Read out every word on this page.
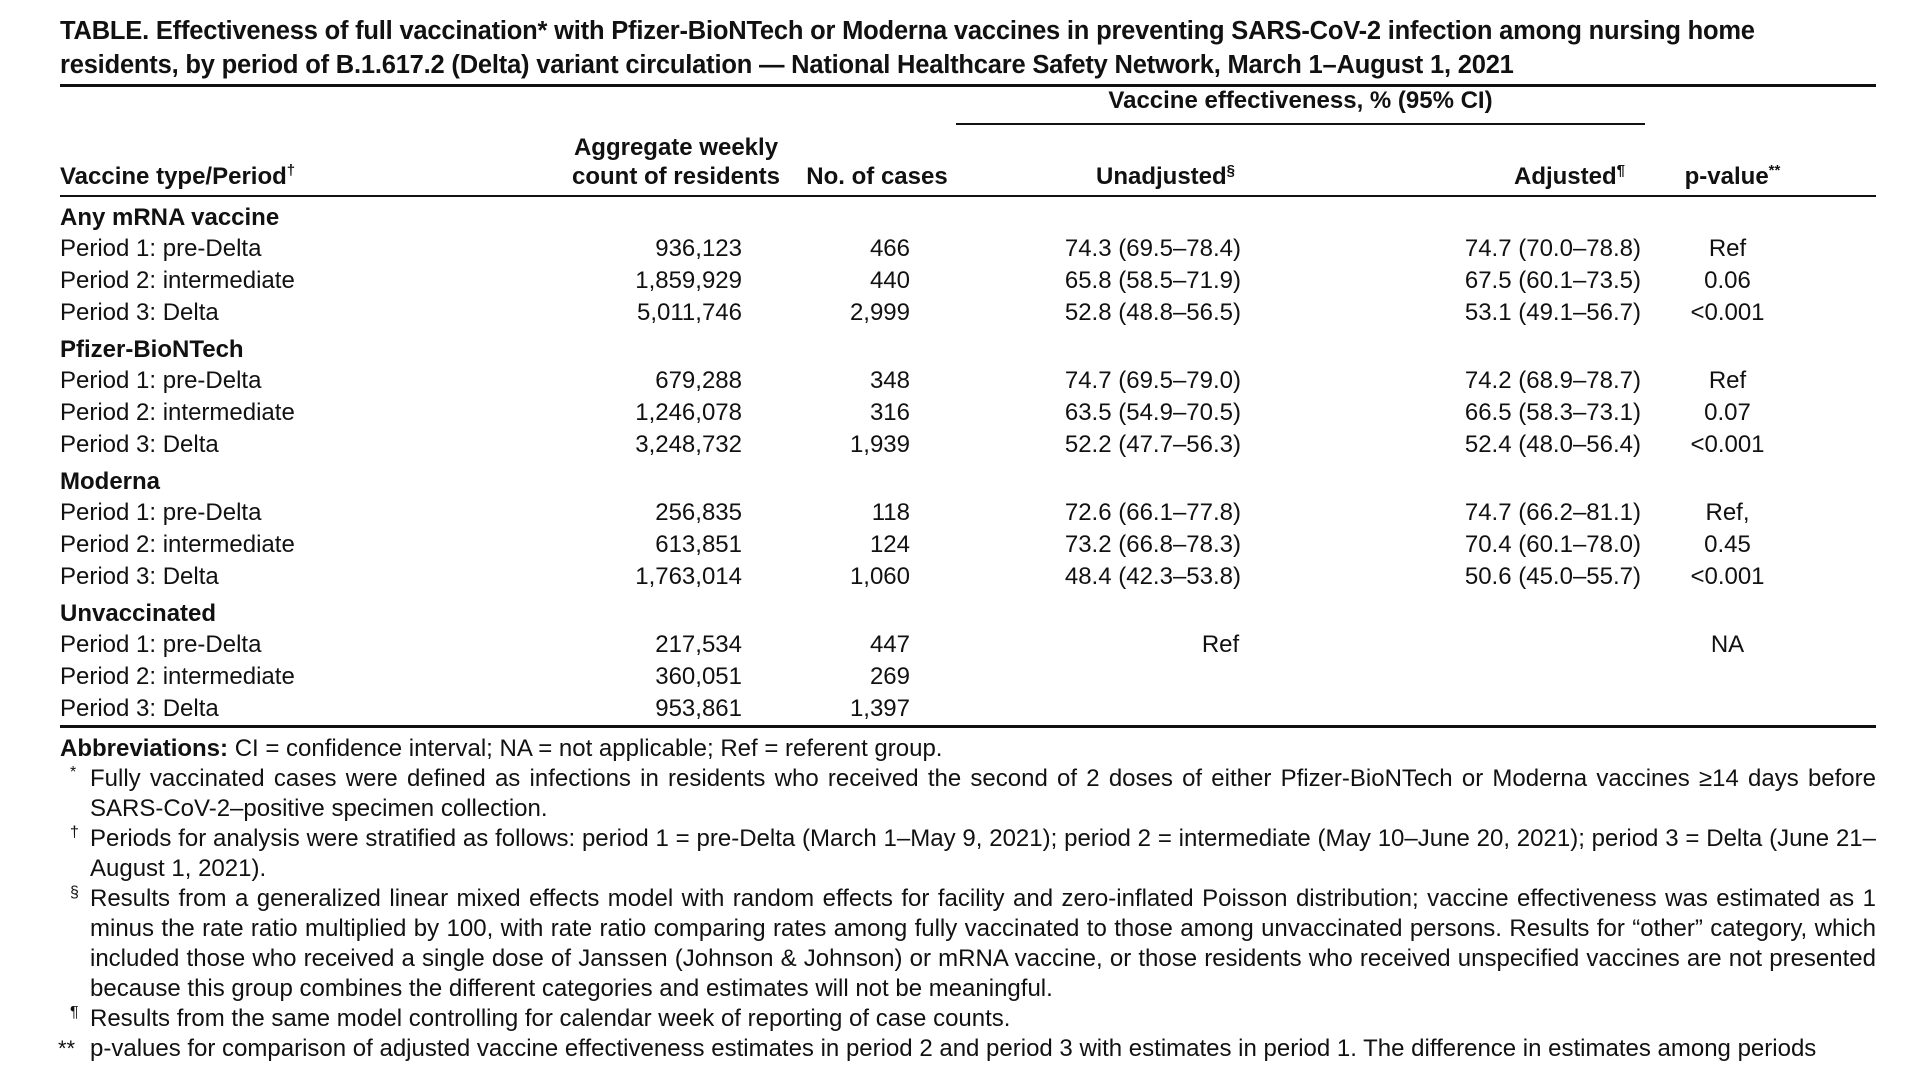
TABLE. Effectiveness of full vaccination* with Pfizer-BioNTech or Moderna vaccines in preventing SARS-CoV-2 infection among nursing home residents, by period of B.1.617.2 (Delta) variant circulation — National Healthcare Safety Network, March 1–August 1, 2021

			Vaccine effectiveness, % (95% CI)		

Vaccine type/Period†	Aggregate weekly
count of residents	No. of cases	Unadjusted§	Adjusted¶	p-value**
Any mRNA vaccine					
Period 1: pre-Delta	936,123	466	74.3 (69.5–78.4)	74.7 (70.0–78.8)	Ref
Period 2: intermediate	1,859,929	440	65.8 (58.5–71.9)	67.5 (60.1–73.5)	0.06
Period 3: Delta	5,011,746	2,999	52.8 (48.8–56.5)	53.1 (49.1–56.7)	<0.001
Pfizer-BioNTech					
Period 1: pre-Delta	679,288	348	74.7 (69.5–79.0)	74.2 (68.9–78.7)	Ref
Period 2: intermediate	1,246,078	316	63.5 (54.9–70.5)	66.5 (58.3–73.1)	0.07
Period 3: Delta	3,248,732	1,939	52.2 (47.7–56.3)	52.4 (48.0–56.4)	<0.001
Moderna					
Period 1: pre-Delta	256,835	118	72.6 (66.1–77.8)	74.7 (66.2–81.1)	Ref,
Period 2: intermediate	613,851	124	73.2 (66.8–78.3)	70.4 (60.1–78.0)	0.45
Period 3: Delta	1,763,014	1,060	48.4 (42.3–53.8)	50.6 (45.0–55.7)	<0.001
Unvaccinated					
Period 1: pre-Delta	217,534	447	Ref		NA
Period 2: intermediate	360,051	269			
Period 3: Delta	953,861	1,397			
Abbreviations: CI = confidence interval; NA = not applicable; Ref = referent group.
* Fully vaccinated cases were defined as infections in residents who received the second of 2 doses of either Pfizer-BioNTech or Moderna vaccines ≥14 days before SARS-CoV-2–positive specimen collection.
† Periods for analysis were stratified as follows: period 1 = pre-Delta (March 1–May 9, 2021); period 2 = intermediate (May 10–June 20, 2021); period 3 = Delta (June 21–August 1, 2021).
§ Results from a generalized linear mixed effects model with random effects for facility and zero-inflated Poisson distribution; vaccine effectiveness was estimated as 1 minus the rate ratio multiplied by 100, with rate ratio comparing rates among fully vaccinated to those among unvaccinated persons. Results for “other” category, which included those who received a single dose of Janssen (Johnson & Johnson) or mRNA vaccine, or those residents who received unspecified vaccines are not presented because this group combines the different categories and estimates will not be meaningful.
¶ Results from the same model controlling for calendar week of reporting of case counts.
** p-values for comparison of adjusted vaccine effectiveness estimates in period 2 and period 3 with estimates in period 1. The difference in estimates among periods
